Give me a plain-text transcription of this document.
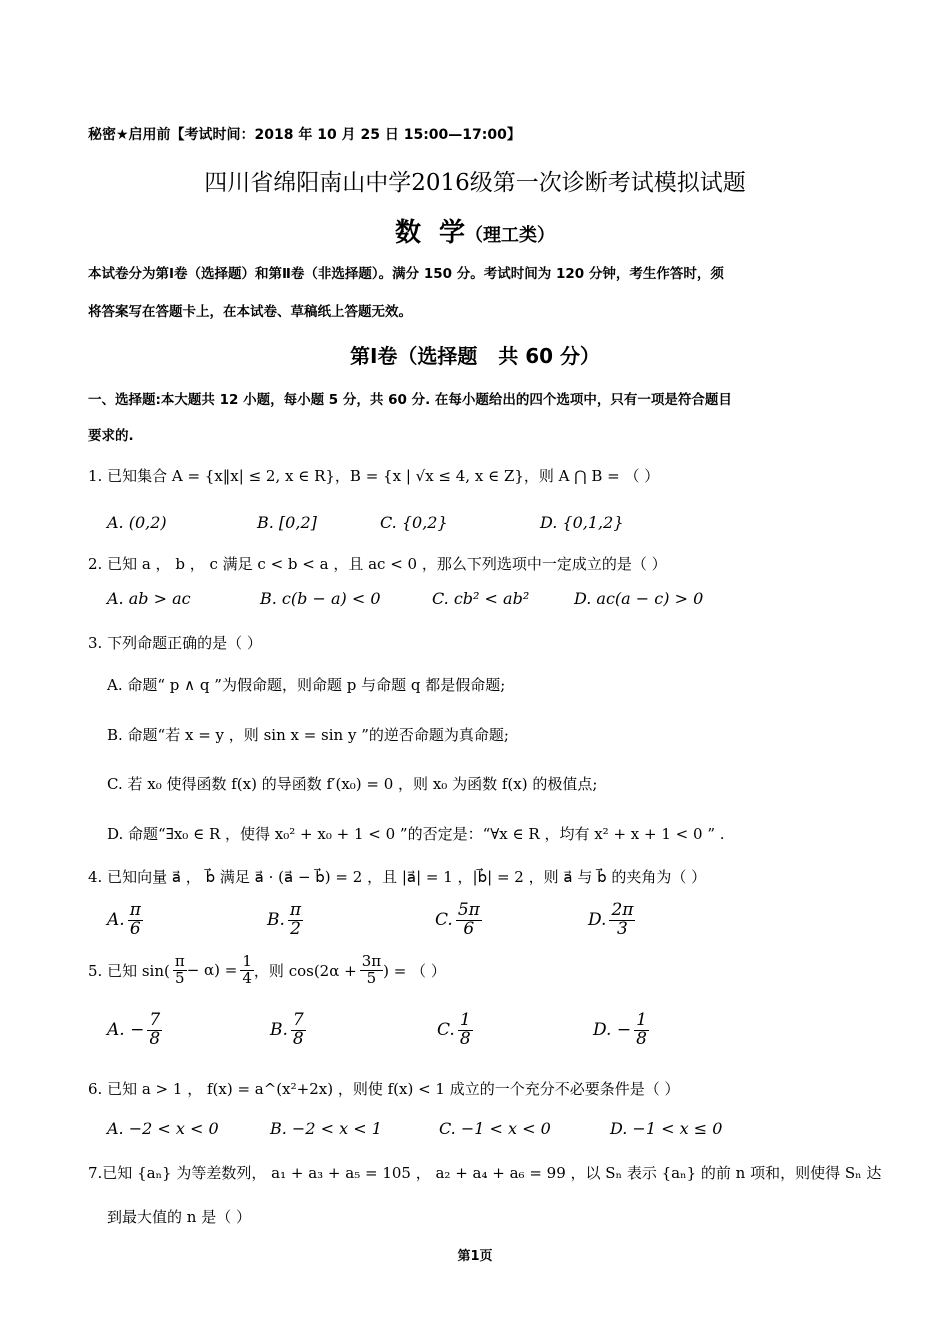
秘密★启用前【考试时间：2018 年 10 月 25 日 15:00—17:00】
四川省绵阳南山中学2016级第一次诊断考试模拟试题
数  学（理工类）
本试卷分为第Ⅰ卷（选择题）和第Ⅱ卷（非选择题）。满分 150 分。考试时间为 120 分钟，考生作答时，须
将答案写在答题卡上，在本试卷、草稿纸上答题无效。
第Ⅰ卷（选择题   共 60 分）
一、选择题:本大题共 12 小题，每小题 5 分，共 60 分. 在每小题给出的四个选项中，只有一项是符合题目
要求的.
1. 已知集合 A = {x‖x| ≤ 2, x ∈ R}，B = {x | √x ≤ 4, x ∈ Z}，则 A ⋂ B = （ ）
A. (0,2)	B. [0,2]	C. {0,2}	D. {0,1,2}
2. 已知 a ， b ， c 满足 c < b < a ，且 ac < 0 ，那么下列选项中一定成立的是（ ）
A. ab > ac	B. c(b − a) < 0	C. cb² < ab²	D. ac(a − c) > 0
3. 下列命题正确的是（ ）
A. 命题“ p ∧ q ”为假命题，则命题 p 与命题 q 都是假命题;
B. 命题“若 x = y ，则 sin x = sin y ”的逆否命题为真命题;
C. 若 x₀ 使得函数 f(x) 的导函数 f′(x₀) = 0 ，则 x₀ 为函数 f(x) 的极值点;
D. 命题“∃x₀ ∈ R ，使得 x₀² + x₀ + 1 < 0 ”的否定是：“∀x ∈ R ，均有 x² + x + 1 < 0 ” .
4. 已知向量 a⃗ ， b⃗ 满足 a⃗ · (a⃗ − b⃗) = 2 ，且 |a⃗| = 1 ，|b⃗| = 2 ，则 a⃗ 与 b⃗ 的夹角为（ ）
A. $\frac{\pi}{6}$	B. $\frac{\pi}{2}$	C. $\frac{5\pi}{6}$	D. $\frac{2\pi}{3}$
5. 已知 $\sin( \frac{\pi}{5} - \alpha) = \frac{1}{4}$ ，则 $\cos(2\alpha + \frac{3\pi}{5}$ ) = （ ）
A. − $\frac{7}{8}$	B. $\frac{7}{8}$	C. $\frac{1}{8}$	D. − $\frac{1}{8}$
6. 已知 a > 1 ， f(x) = a^(x²+2x) ，则使 f(x) < 1 成立的一个充分不必要条件是（ ）
A. −2 < x < 0	B. −2 < x < 1	C. −1 < x < 0	D. −1 < x ≤ 0
7.已知 {aₙ} 为等差数列， a₁ + a₃ + a₅ = 105 ， a₂ + a₄ + a₆ = 99 ，以 Sₙ 表示 {aₙ} 的前 n 项和，则使得 Sₙ 达
到最大值的 n 是（ ）
第1页
